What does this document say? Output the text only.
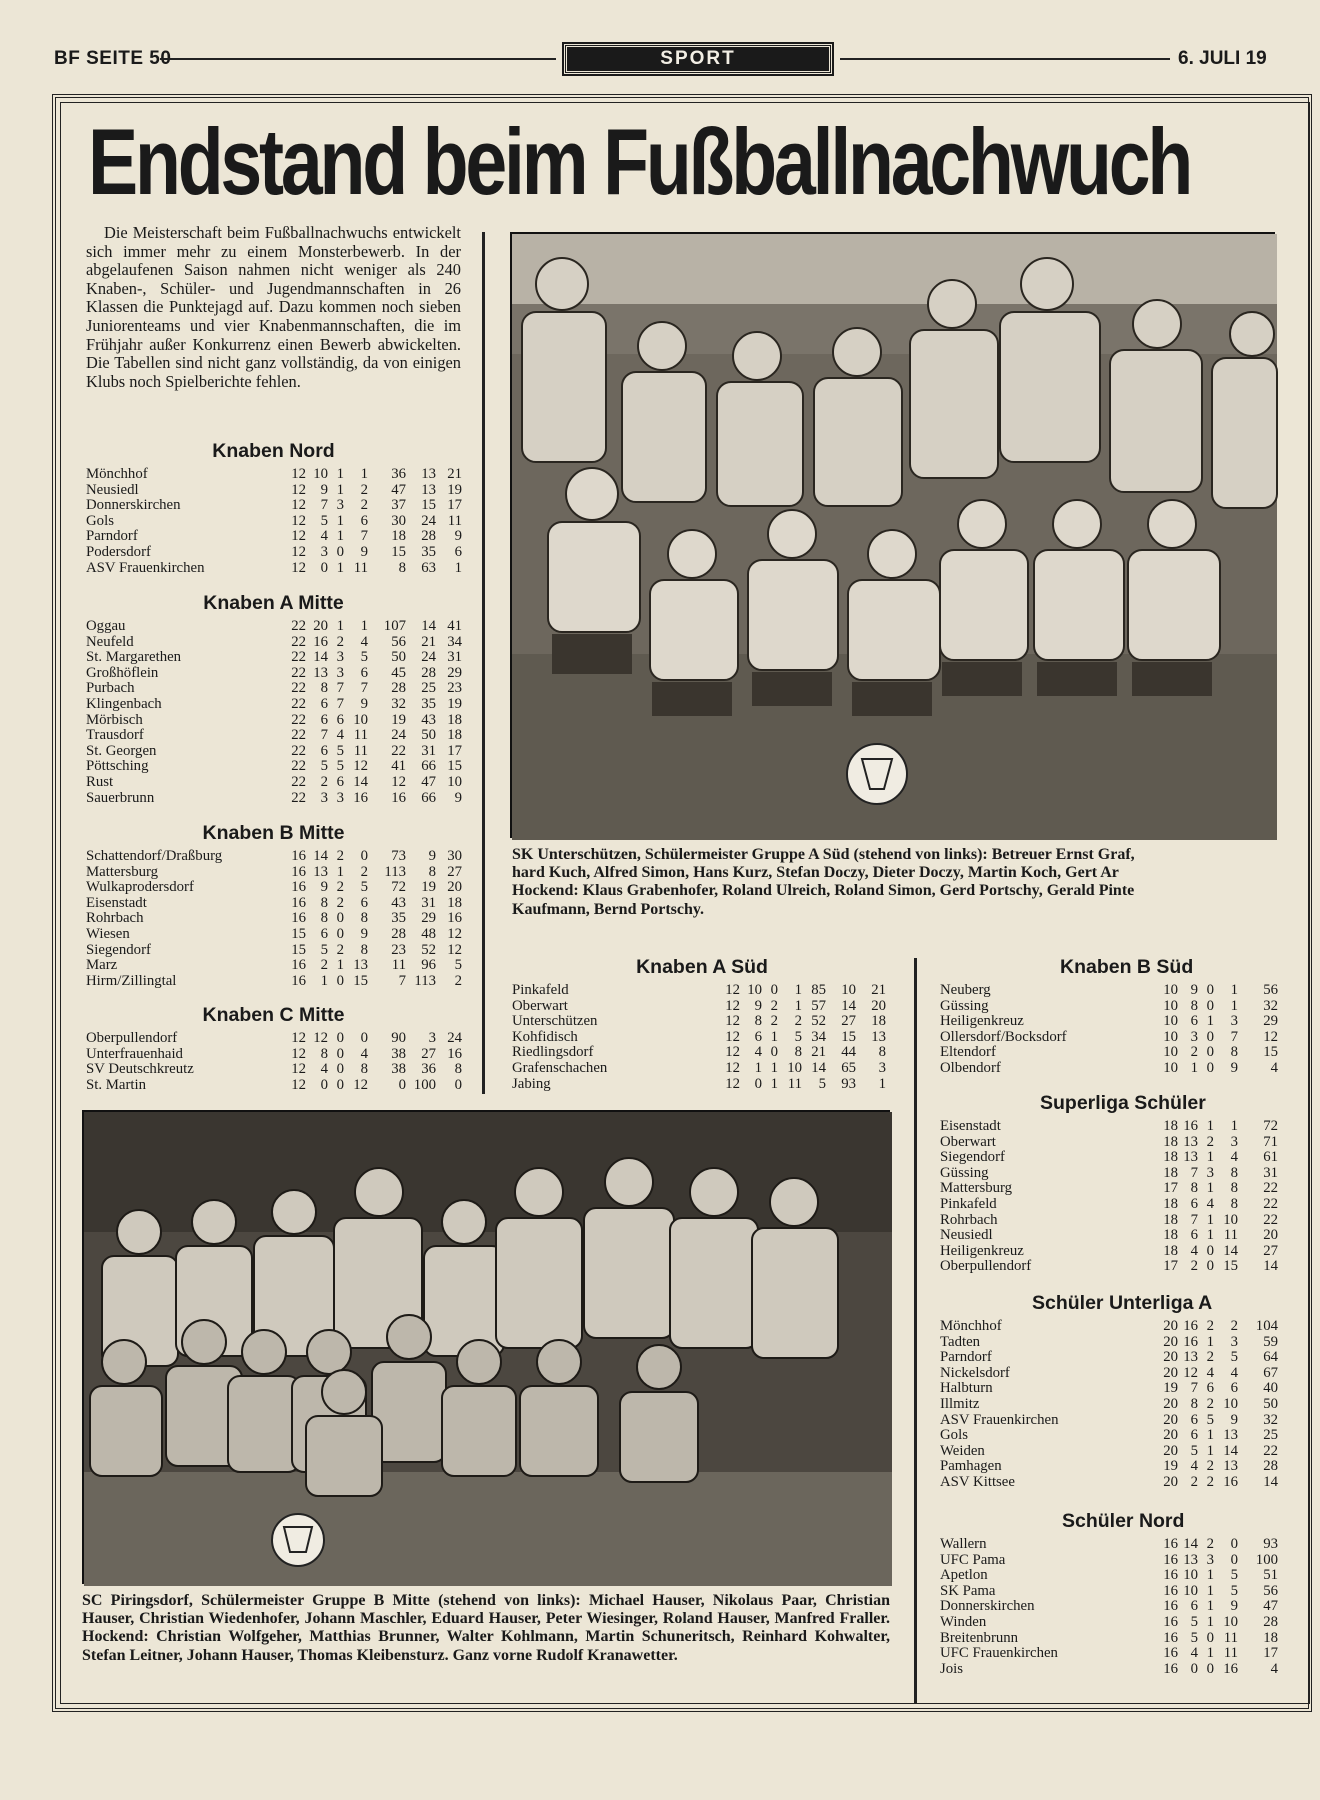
BF SEITE 50	SPORT	6. JULI 19
Endstand beim Fußballnachwuch

Die Meisterschaft beim Fußballnachwuchs entwickelt sich immer mehr zu einem Monsterbewerb. In der abgelaufenen Saison nahmen nicht weniger als 240 Knaben-, Schüler- und Jugendmannschaften in 26 Klassen die Punktejagd auf. Dazu kommen noch sieben Juniorenteams und vier Knabenmannschaften, die im Frühjahr außer Konkurrenz einen Bewerb abwickelten. Die Tabellen sind nicht ganz vollständig, da von einigen Klubs noch Spielberichte fehlen.

Knaben Nord
Mönchhof	12	10	1	1	36	13	21
Neusiedl	12	9	1	2	47	13	19
Donnerskirchen	12	7	3	2	37	15	17
Gols	12	5	1	6	30	24	11
Parndorf	12	4	1	7	18	28	9
Podersdorf	12	3	0	9	15	35	6
ASV Frauenkirchen	12	0	1	11	8	63	1
Knaben A Mitte
Oggau	22	20	1	1	107	14	41
Neufeld	22	16	2	4	56	21	34
St. Margarethen	22	14	3	5	50	24	31
Großhöflein	22	13	3	6	45	28	29
Purbach	22	8	7	7	28	25	23
Klingenbach	22	6	7	9	32	35	19
Mörbisch	22	6	6	10	19	43	18
Trausdorf	22	7	4	11	24	50	18
St. Georgen	22	6	5	11	22	31	17
Pöttsching	22	5	5	12	41	66	15
Rust	22	2	6	14	12	47	10
Sauerbrunn	22	3	3	16	16	66	9
Knaben B Mitte
Schattendorf/Draßburg	16	14	2	0	73	9	30
Mattersburg	16	13	1	2	113	8	27
Wulkaprodersdorf	16	9	2	5	72	19	20
Eisenstadt	16	8	2	6	43	31	18
Rohrbach	16	8	0	8	35	29	16
Wiesen	15	6	0	9	28	48	12
Siegendorf	15	5	2	8	23	52	12
Marz	16	2	1	13	11	96	5
Hirm/Zillingtal	16	1	0	15	7	113	2
Knaben C Mitte
Oberpullendorf	12	12	0	0	90	3	24
Unterfrauenhaid	12	8	0	4	38	27	16
SV Deutschkreutz	12	4	0	8	38	36	8
St. Martin	12	0	0	12	0	100	0
SK Unterschützen, Schülermeister Gruppe A Süd (stehend von links): Betreuer Ernst Graf,
hard Kuch, Alfred Simon, Hans Kurz, Stefan Doczy, Dieter Doczy, Martin Koch, Gert Ar
Hockend: Klaus Grabenhofer, Roland Ulreich, Roland Simon, Gerd Portschy, Gerald Pinte
Kaufmann, Bernd Portschy.
Knaben A Süd
Pinkafeld	12	10	0	1	85	10	21
Oberwart	12	9	2	1	57	14	20
Unterschützen	12	8	2	2	52	27	18
Kohfidisch	12	6	1	5	34	15	13
Riedlingsdorf	12	4	0	8	21	44	8
Grafenschachen	12	1	1	10	14	65	3
Jabing	12	0	1	11	5	93	1
Knaben B Süd
Neuberg	10	9	0	1	56
Güssing	10	8	0	1	32
Heiligenkreuz	10	6	1	3	29
Ollersdorf/Bocksdorf	10	3	0	7	12
Eltendorf	10	2	0	8	15
Olbendorf	10	1	0	9	4
Superliga Schüler
Eisenstadt	18	16	1	1	72
Oberwart	18	13	2	3	71
Siegendorf	18	13	1	4	61
Güssing	18	7	3	8	31
Mattersburg	17	8	1	8	22
Pinkafeld	18	6	4	8	22
Rohrbach	18	7	1	10	22
Neusiedl	18	6	1	11	20
Heiligenkreuz	18	4	0	14	27
Oberpullendorf	17	2	0	15	14
Schüler Unterliga A
Mönchhof	20	16	2	2	104
Tadten	20	16	1	3	59
Parndorf	20	13	2	5	64
Nickelsdorf	20	12	4	4	67
Halbturn	19	7	6	6	40
Illmitz	20	8	2	10	50
ASV Frauenkirchen	20	6	5	9	32
Gols	20	6	1	13	25
Weiden	20	5	1	14	22
Pamhagen	19	4	2	13	28
ASV Kittsee	20	2	2	16	14
Schüler Nord
Wallern	16	14	2	0	93
UFC Pama	16	13	3	0	100
Apetlon	16	10	1	5	51
SK Pama	16	10	1	5	56
Donnerskirchen	16	6	1	9	47
Winden	16	5	1	10	28
Breitenbrunn	16	5	0	11	18
UFC Frauenkirchen	16	4	1	11	17
Jois	16	0	0	16	4

SC Piringsdorf, Schülermeister Gruppe B Mitte (stehend von links): Michael Hauser, Nikolaus Paar, Christian Hauser, Christian Wiedenhofer, Johann Maschler, Eduard Hauser, Peter Wiesinger, Roland Hauser, Manfred Fraller. Hockend: Christian Wolfgeher, Matthias Brunner, Walter Kohlmann, Martin Schuneritsch, Reinhard Kohwalter, Stefan Leitner, Johann Hauser, Thomas Kleibensturz. Ganz vorne Rudolf Kranawetter.
